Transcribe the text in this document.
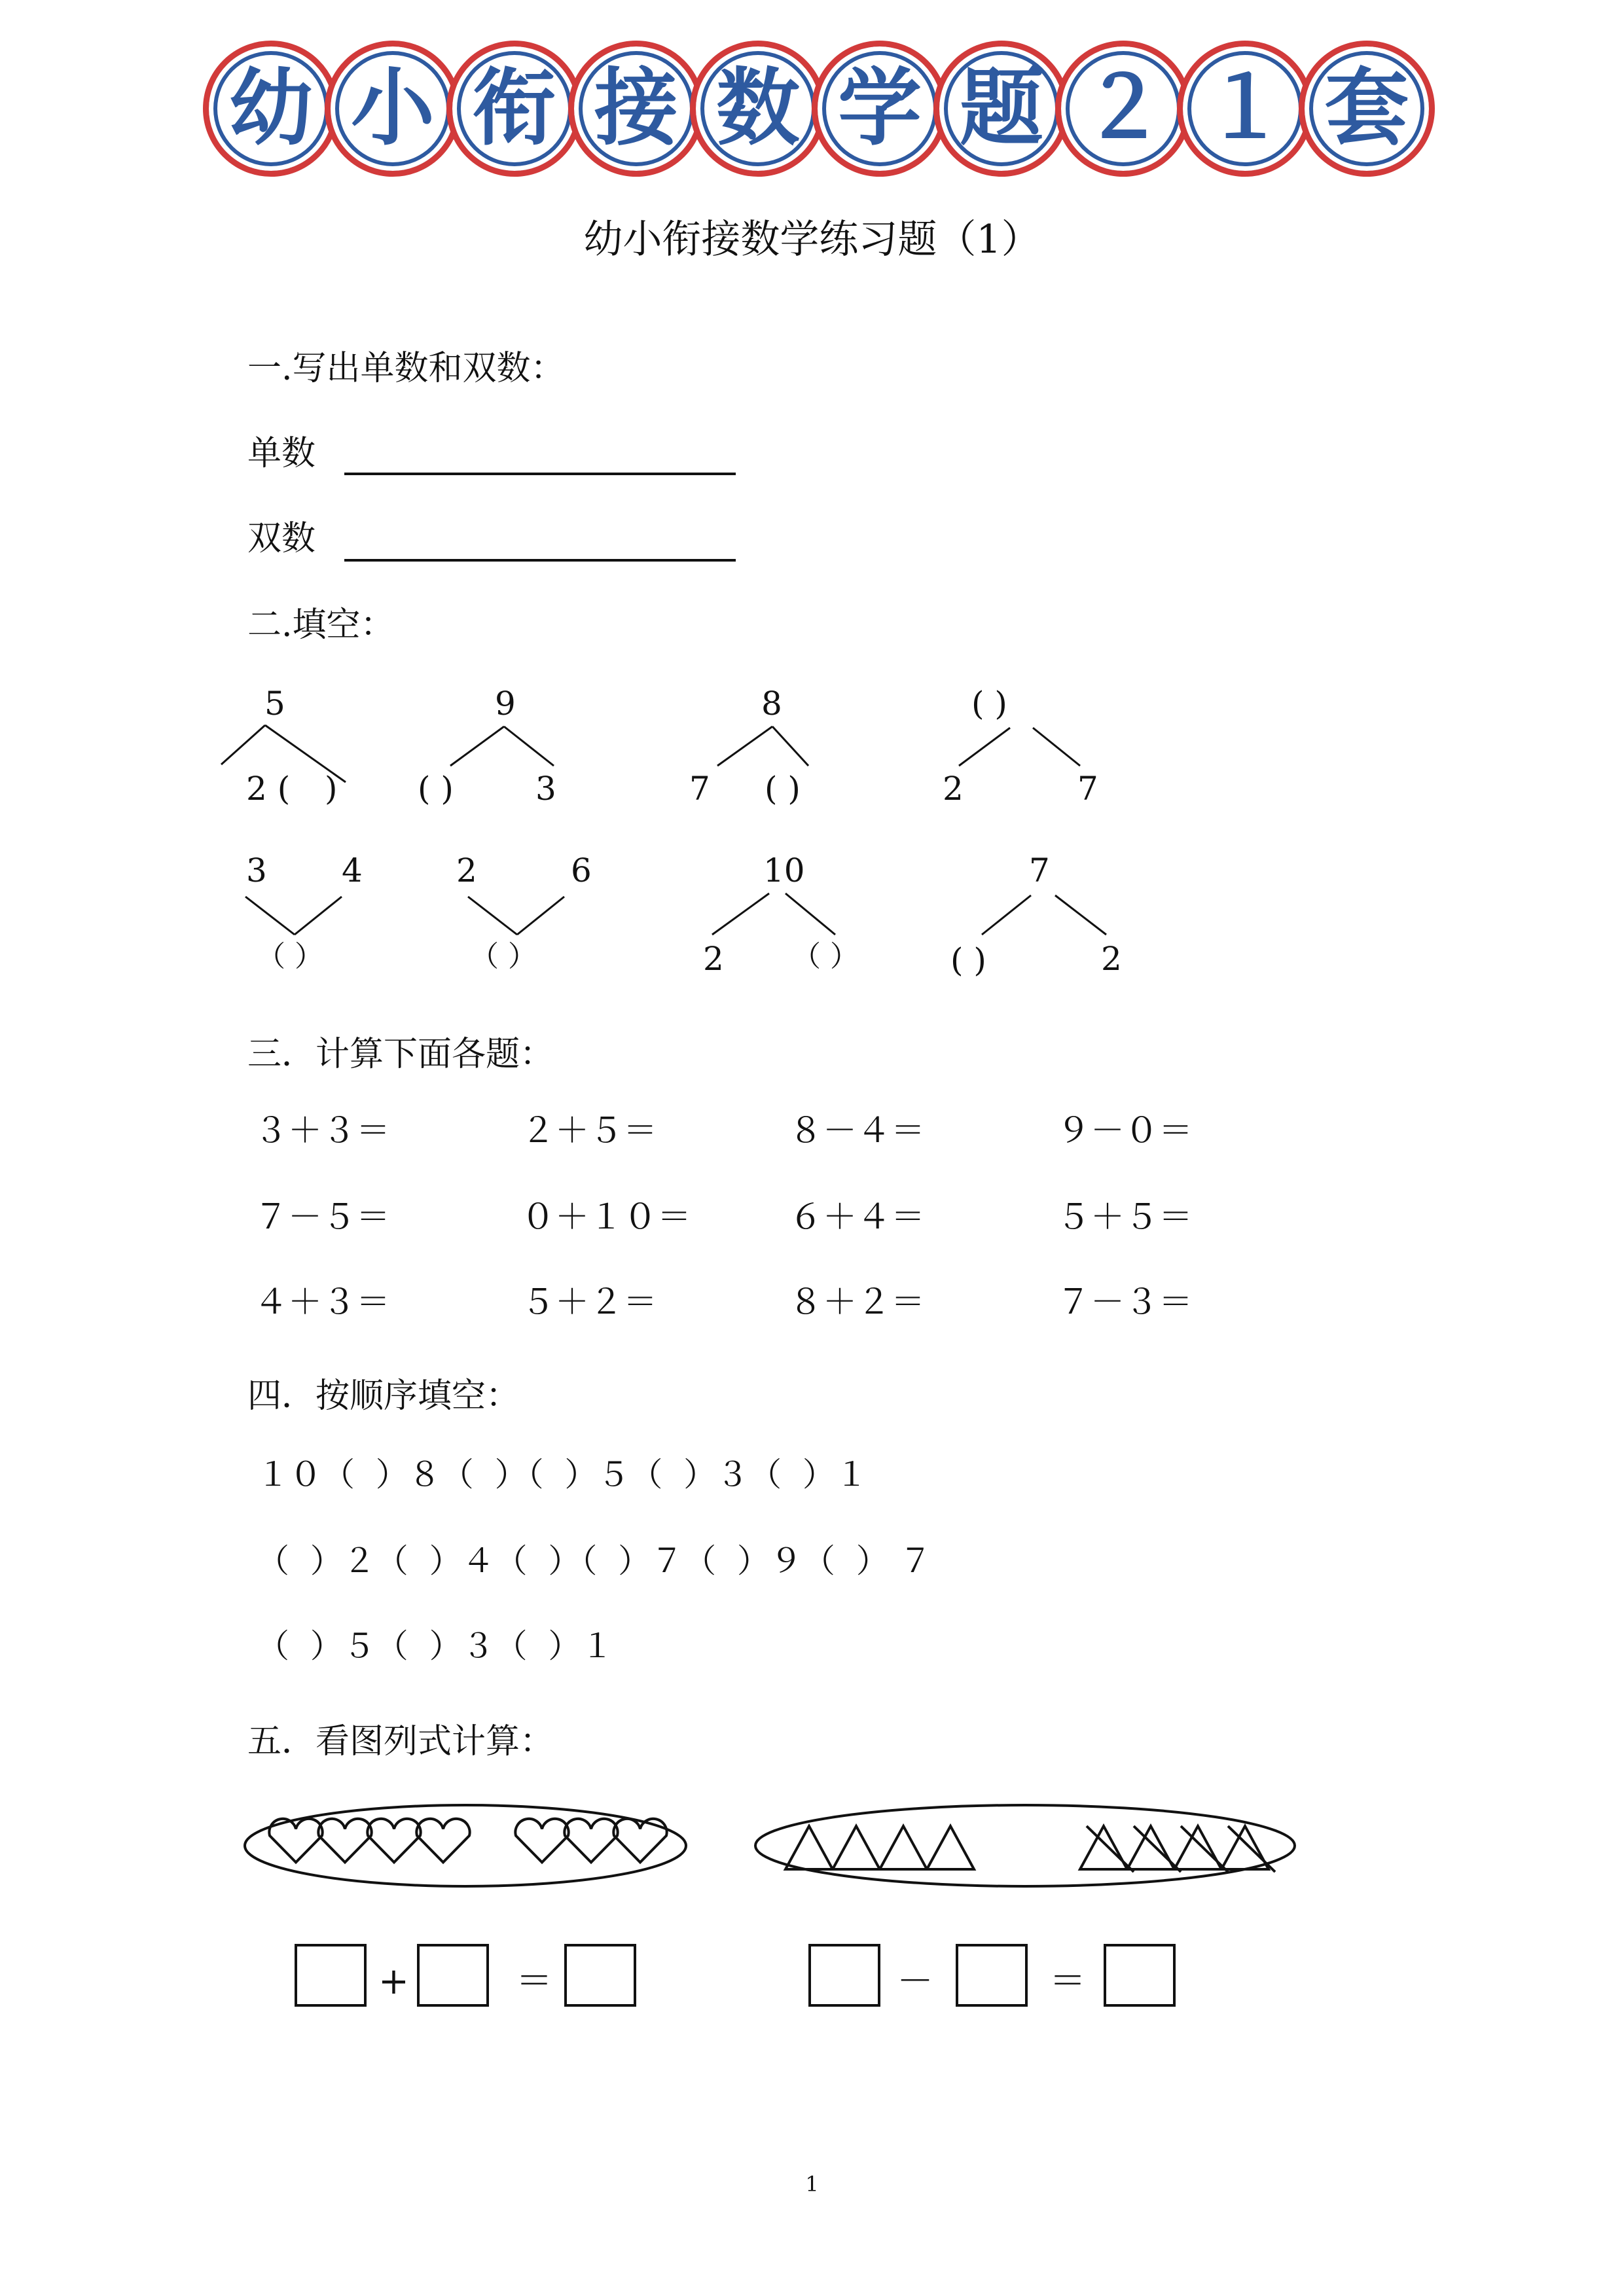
幼 小 衔 接 数 学 题 ２ １ 套
幼小衔接数学练习题（1）
一.写出单数和双数：
单数
双数
二.填空：
5
2 ( )
9
( )	3
8
7 ( )
( )
2	7
3 4
（ ）
2	6
（ ）
10
2 （ ）
7
( )	2
三．计算下面各题：
３＋３＝	２＋５＝	８－４＝	９－０＝
７－５＝	０＋１０＝	６＋４＝	５＋５＝
４＋３＝	５＋２＝	８＋２＝	７－３＝
四．按顺序填空：
１０（  ）８（  ）（  ）５（  ）３（  ）１
（  ）２（  ）４（  ）（  ）７（  ）９（  ） ７
（  ）５（  ）３（  ）１
五．看图列式计算：
+	＝	－	＝
1
